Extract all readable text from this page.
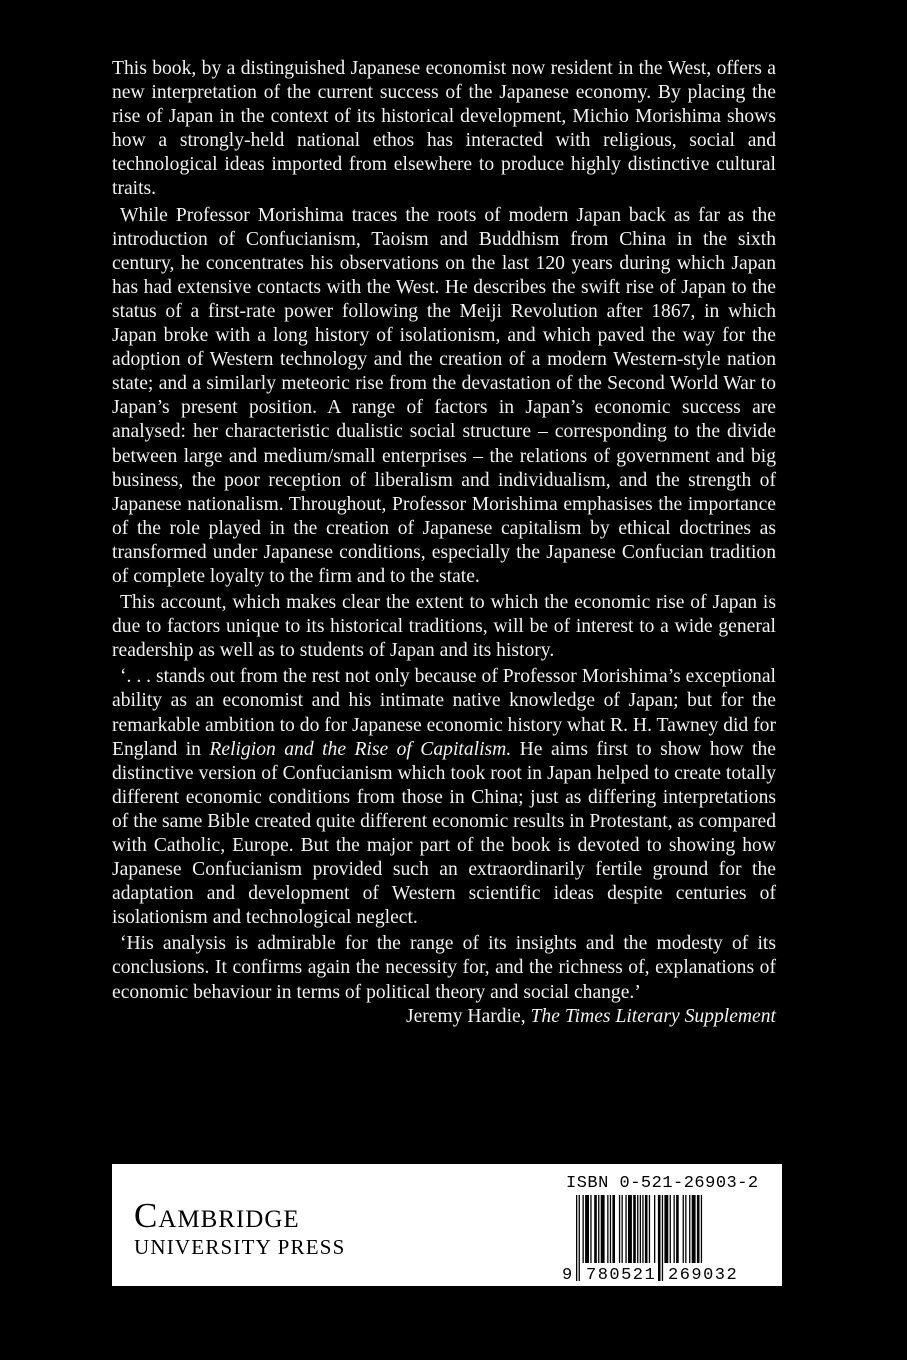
This book, by a distinguished Japanese economist now resident in the West, offers a new interpretation of the current success of the Japanese economy. By placing the rise of Japan in the context of its historical development, Michio Morishima shows how a strongly-held national ethos has interacted with religious, social and technological ideas imported from elsewhere to produce highly distinctive cultural traits.

While Professor Morishima traces the roots of modern Japan back as far as the introduction of Confucianism, Taoism and Buddhism from China in the sixth century, he concentrates his observations on the last 120 years during which Japan has had extensive contacts with the West. He describes the swift rise of Japan to the status of a first-rate power following the Meiji Revolution after 1867, in which Japan broke with a long history of isolationism, and which paved the way for the adoption of Western technology and the creation of a modern Western-style nation state; and a similarly meteoric rise from the devastation of the Second World War to Japan’s present position. A range of factors in Japan’s economic success are analysed: her characteristic dualistic social structure – corresponding to the divide between large and medium/small enterprises – the relations of government and big business, the poor reception of liberalism and individualism, and the strength of Japanese nationalism. Throughout, Professor Morishima emphasises the importance of the role played in the creation of Japanese capitalism by ethical doctrines as transformed under Japanese conditions, especially the Japanese Confucian tradition of complete loyalty to the firm and to the state.

This account, which makes clear the extent to which the economic rise of Japan is due to factors unique to its historical traditions, will be of interest to a wide general readership as well as to students of Japan and its history.

‘. . . stands out from the rest not only because of Professor Morishima’s exceptional ability as an economist and his intimate native knowledge of Japan; but for the remarkable ambition to do for Japanese economic history what R. H. Tawney did for England in Religion and the Rise of Capitalism. He aims first to show how the distinctive version of Confucianism which took root in Japan helped to create totally different economic conditions from those in China; just as differing interpretations of the same Bible created quite different economic results in Protestant, as compared with Catholic, Europe. But the major part of the book is devoted to showing how Japanese Confucianism provided such an extraordinarily fertile ground for the adaptation and development of Western scientific ideas despite centuries of isolationism and technological neglect.

‘His analysis is admirable for the range of its insights and the modesty of its conclusions. It confirms again the necessity for, and the richness of, explanations of economic behaviour in terms of political theory and social change.’
Jeremy Hardie, The Times Literary Supplement

Cambridge
UNIVERSITY PRESS
ISBN 0-521-26903-2
9 780521 269032
